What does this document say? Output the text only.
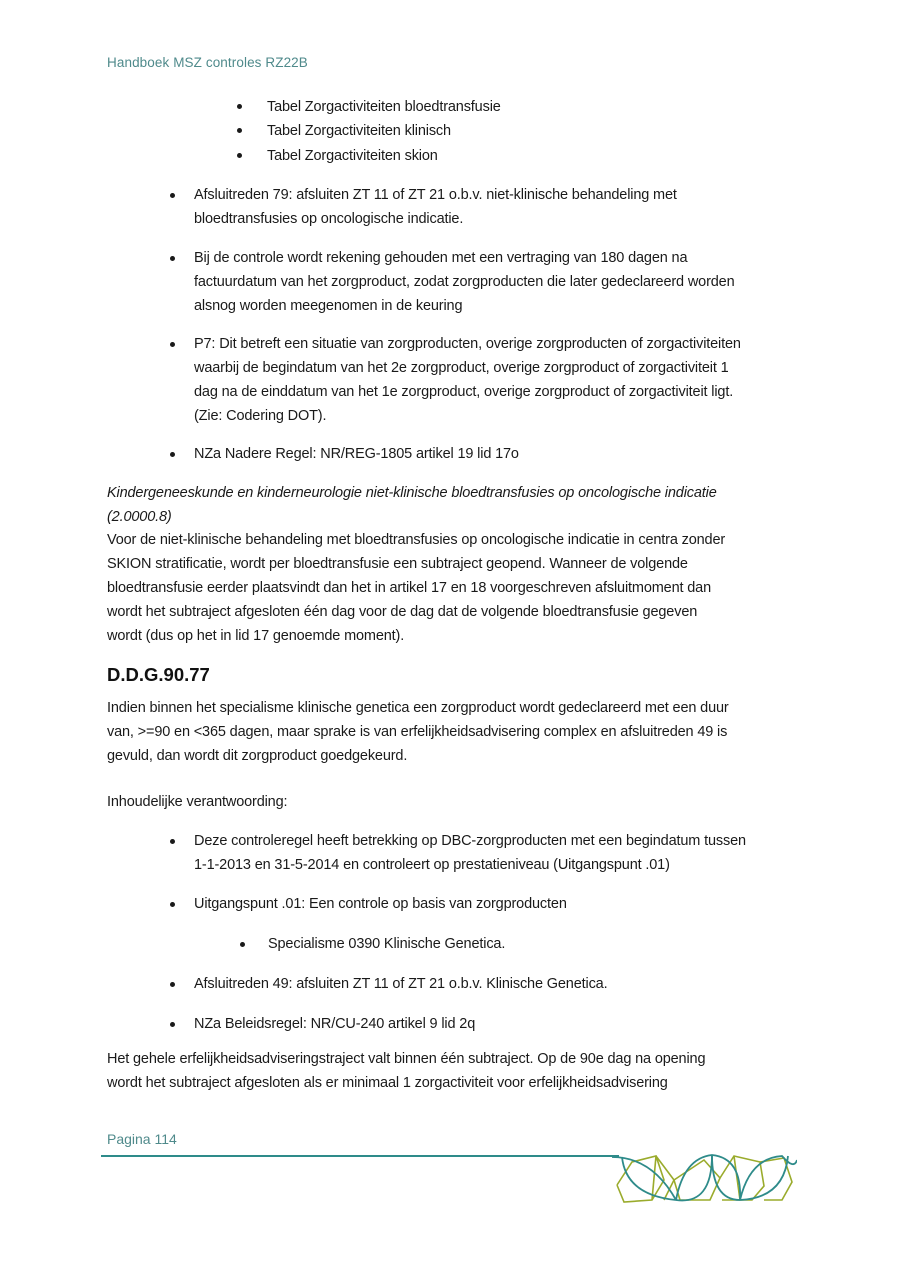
Handboek MSZ controles RZ22B
Tabel Zorgactiviteiten bloedtransfusie
Tabel Zorgactiviteiten klinisch
Tabel Zorgactiviteiten skion
Afsluitreden 79: afsluiten ZT 11 of ZT 21 o.b.v. niet-klinische behandeling met
bloedtransfusies op oncologische indicatie.
Bij de controle wordt rekening gehouden met een vertraging van 180 dagen na
factuurdatum van het zorgproduct, zodat zorgproducten die later gedeclareerd worden
alsnog worden meegenomen in de keuring
P7: Dit betreft een situatie van zorgproducten, overige zorgproducten of zorgactiviteiten
waarbij de begindatum van het 2e zorgproduct, overige zorgproduct of zorgactiviteit 1
dag na de einddatum van het 1e zorgproduct, overige zorgproduct of zorgactiviteit ligt.
(Zie: Codering DOT).
NZa Nadere Regel: NR/REG-1805 artikel 19 lid 17o
Kindergeneeskunde en kinderneurologie niet-klinische bloedtransfusies op oncologische indicatie
(2.0000.8)
Voor de niet-klinische behandeling met bloedtransfusies op oncologische indicatie in centra zonder
SKION stratificatie, wordt per bloedtransfusie een subtraject geopend. Wanneer de volgende
bloedtransfusie eerder plaatsvindt dan het in artikel 17 en 18 voorgeschreven afsluitmoment dan
wordt het subtraject afgesloten één dag voor de dag dat de volgende bloedtransfusie gegeven
wordt (dus op het in lid 17 genoemde moment).
D.D.G.90.77
Indien binnen het specialisme klinische genetica een zorgproduct wordt gedeclareerd met een duur
van, >=90 en <365 dagen, maar sprake is van erfelijkheidsadvisering complex en afsluitreden 49 is
gevuld, dan wordt dit zorgproduct goedgekeurd.
Inhoudelijke verantwoording:
Deze controleregel heeft betrekking op DBC-zorgproducten met een begindatum tussen
1-1-2013 en 31-5-2014 en controleert op prestatieniveau (Uitgangspunt .01)
Uitgangspunt .01: Een controle op basis van zorgproducten
Specialisme 0390 Klinische Genetica.
Afsluitreden 49: afsluiten ZT 11 of ZT 21 o.b.v. Klinische Genetica.
NZa Beleidsregel: NR/CU-240 artikel 9 lid 2q
Het gehele erfelijkheidsadviseringstraject valt binnen één subtraject. Op de 90e dag na opening
wordt het subtraject afgesloten als er minimaal 1 zorgactiviteit voor erfelijkheidsadvisering
Pagina 114
